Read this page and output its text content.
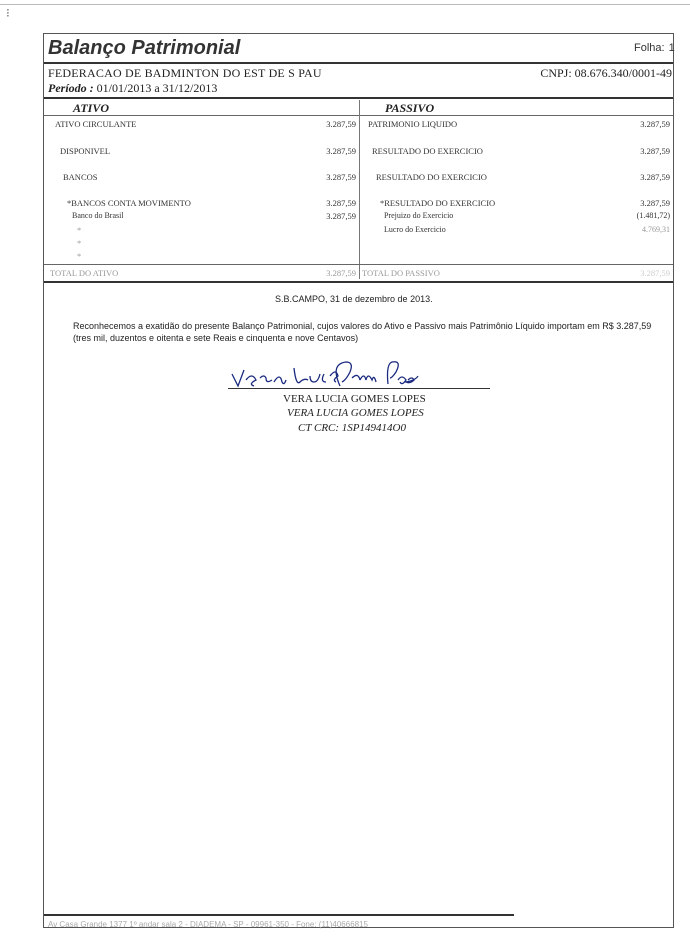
⁝
Balanço Patrimonial	Folha: 1
FEDERACAO DE BADMINTON DO EST DE S PAU	CNPJ: 08.676.340/0001-49
Período : 01/01/2013 a 31/12/2013
ATIVO	PASSIVO
ATIVO CIRCULANTE	3.287,59
DISPONIVEL	3.287,59
BANCOS	3.287,59
*BANCOS CONTA MOVIMENTO	3.287,59
Banco do Brasil	3.287,59
*
*
*
PATRIMONIO LIQUIDO	3.287,59
RESULTADO DO EXERCICIO	3.287,59
RESULTADO DO EXERCICIO	3.287,59
*RESULTADO DO EXERCICIO	3.287,59
Prejuizo do Exercicio	(1.481,72)
Lucro do Exercicio	4.769,31
TOTAL DO ATIVO	3.287,59 TOTAL DO PASSIVO	3.287,59
S.B.CAMPO, 31 de dezembro de 2013.
Reconhecemos a exatidão do presente Balanço Patrimonial, cujos valores do Ativo e Passivo mais Patrimônio Líquido importam em R$ 3.287,59 (tres mil, duzentos e oitenta e sete Reais e cinquenta e nove Centavos)
VERA LUCIA GOMES LOPES
VERA LUCIA GOMES LOPES
CT CRC: 1SP149414O0
Av Casa Grande 1377 1º andar sala 2 - DIADEMA - SP - 09961-350 - Fone: (11)40666815
